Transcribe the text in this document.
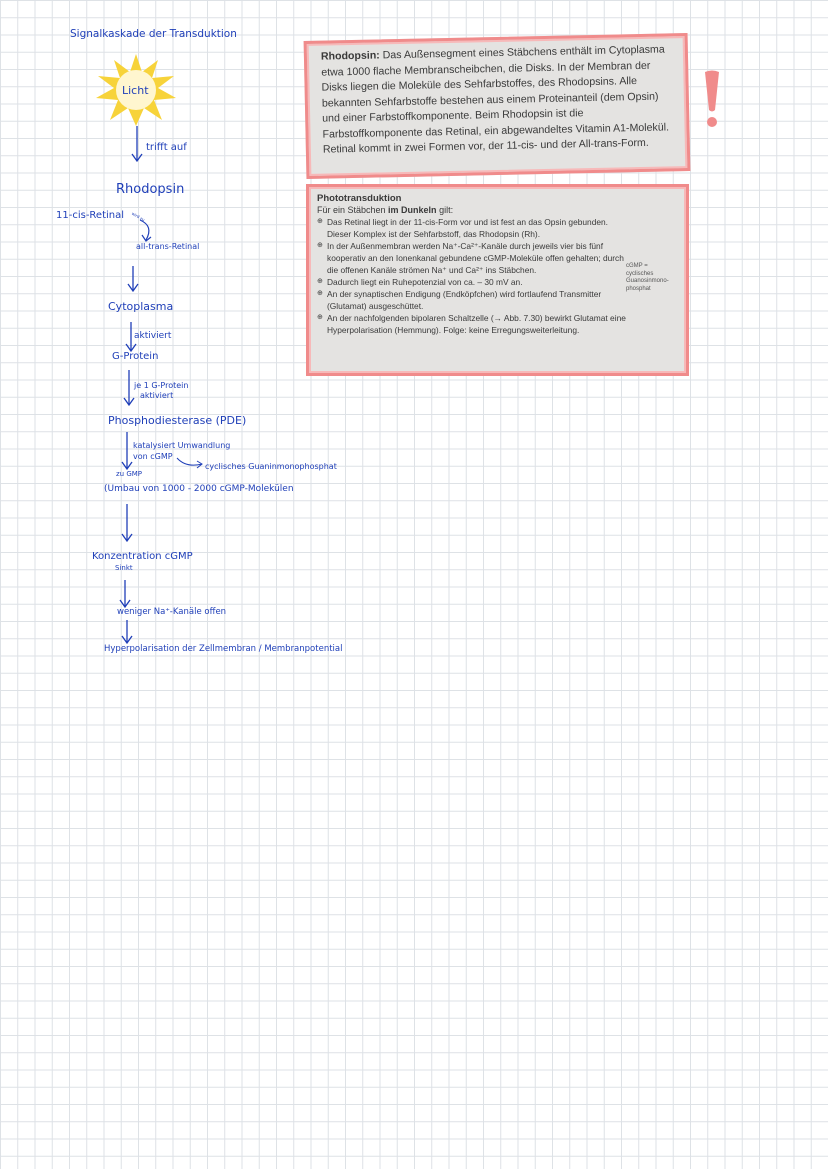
Signalkaskade der Transduktion
Licht
trifft auf
Rhodopsin
11-cis-Retinal wird zu
all-trans-Retinal
Cytoplasma
aktiviert
G-Protein
je 1 G-Protein
aktiviert
Phosphodiesterase (PDE)
katalysiert Umwandlung
von cGMP
cyclisches Guaninmonophosphat
zu GMP
(Umbau von 1000 - 2000 cGMP-Molekülen
Konzentration cGMP
Sinkt
weniger Na⁺-Kanäle offen
Hyperpolarisation der Zellmembran / Membranpotential

Rhodopsin: Das Außensegment eines Stäbchens enthält im Cytoplasma etwa 1000 flache Membranscheibchen, die Disks. In der Membran der Disks liegen die Moleküle des Sehfarbstoffes, des Rhodopsins. Alle bekannten Sehfarbstoffe bestehen aus einem Proteinanteil (dem Opsin) und einer Farbstoffkomponente. Beim Rhodopsin ist die Farbstoffkomponente das Retinal, ein abgewandeltes Vitamin A1-Molekül. Retinal kommt in zwei Formen vor, der 11-cis- und der All-trans-Form.

Phototransduktion
Für ein Stäbchen im Dunkeln gilt:
⊕ Das Retinal liegt in der 11-cis-Form vor und ist fest an das Opsin gebunden. Dieser Komplex ist der Sehfarbstoff, das Rhodopsin (Rh).
⊕ In der Außenmembran werden Na⁺-Ca²⁺-Kanäle durch jeweils vier bis fünf kooperativ an den Ionenkanal gebundene cGMP-Moleküle offen gehalten; durch die offenen Kanäle strömen Na⁺ und Ca²⁺ ins Stäbchen.
⊕ Dadurch liegt ein Ruhepotenzial von ca. – 30 mV an.
⊕ An der synaptischen Endigung (Endköpfchen) wird fortlaufend Transmitter (Glutamat) ausgeschüttet.
⊕ An der nachfolgenden bipolaren Schaltzelle (→ Abb. 7.30) bewirkt Glutamat eine Hyperpolarisation (Hemmung). Folge: keine Erregungsweiterleitung.
cGMP = cyclisches Guanosinmono-phosphat
